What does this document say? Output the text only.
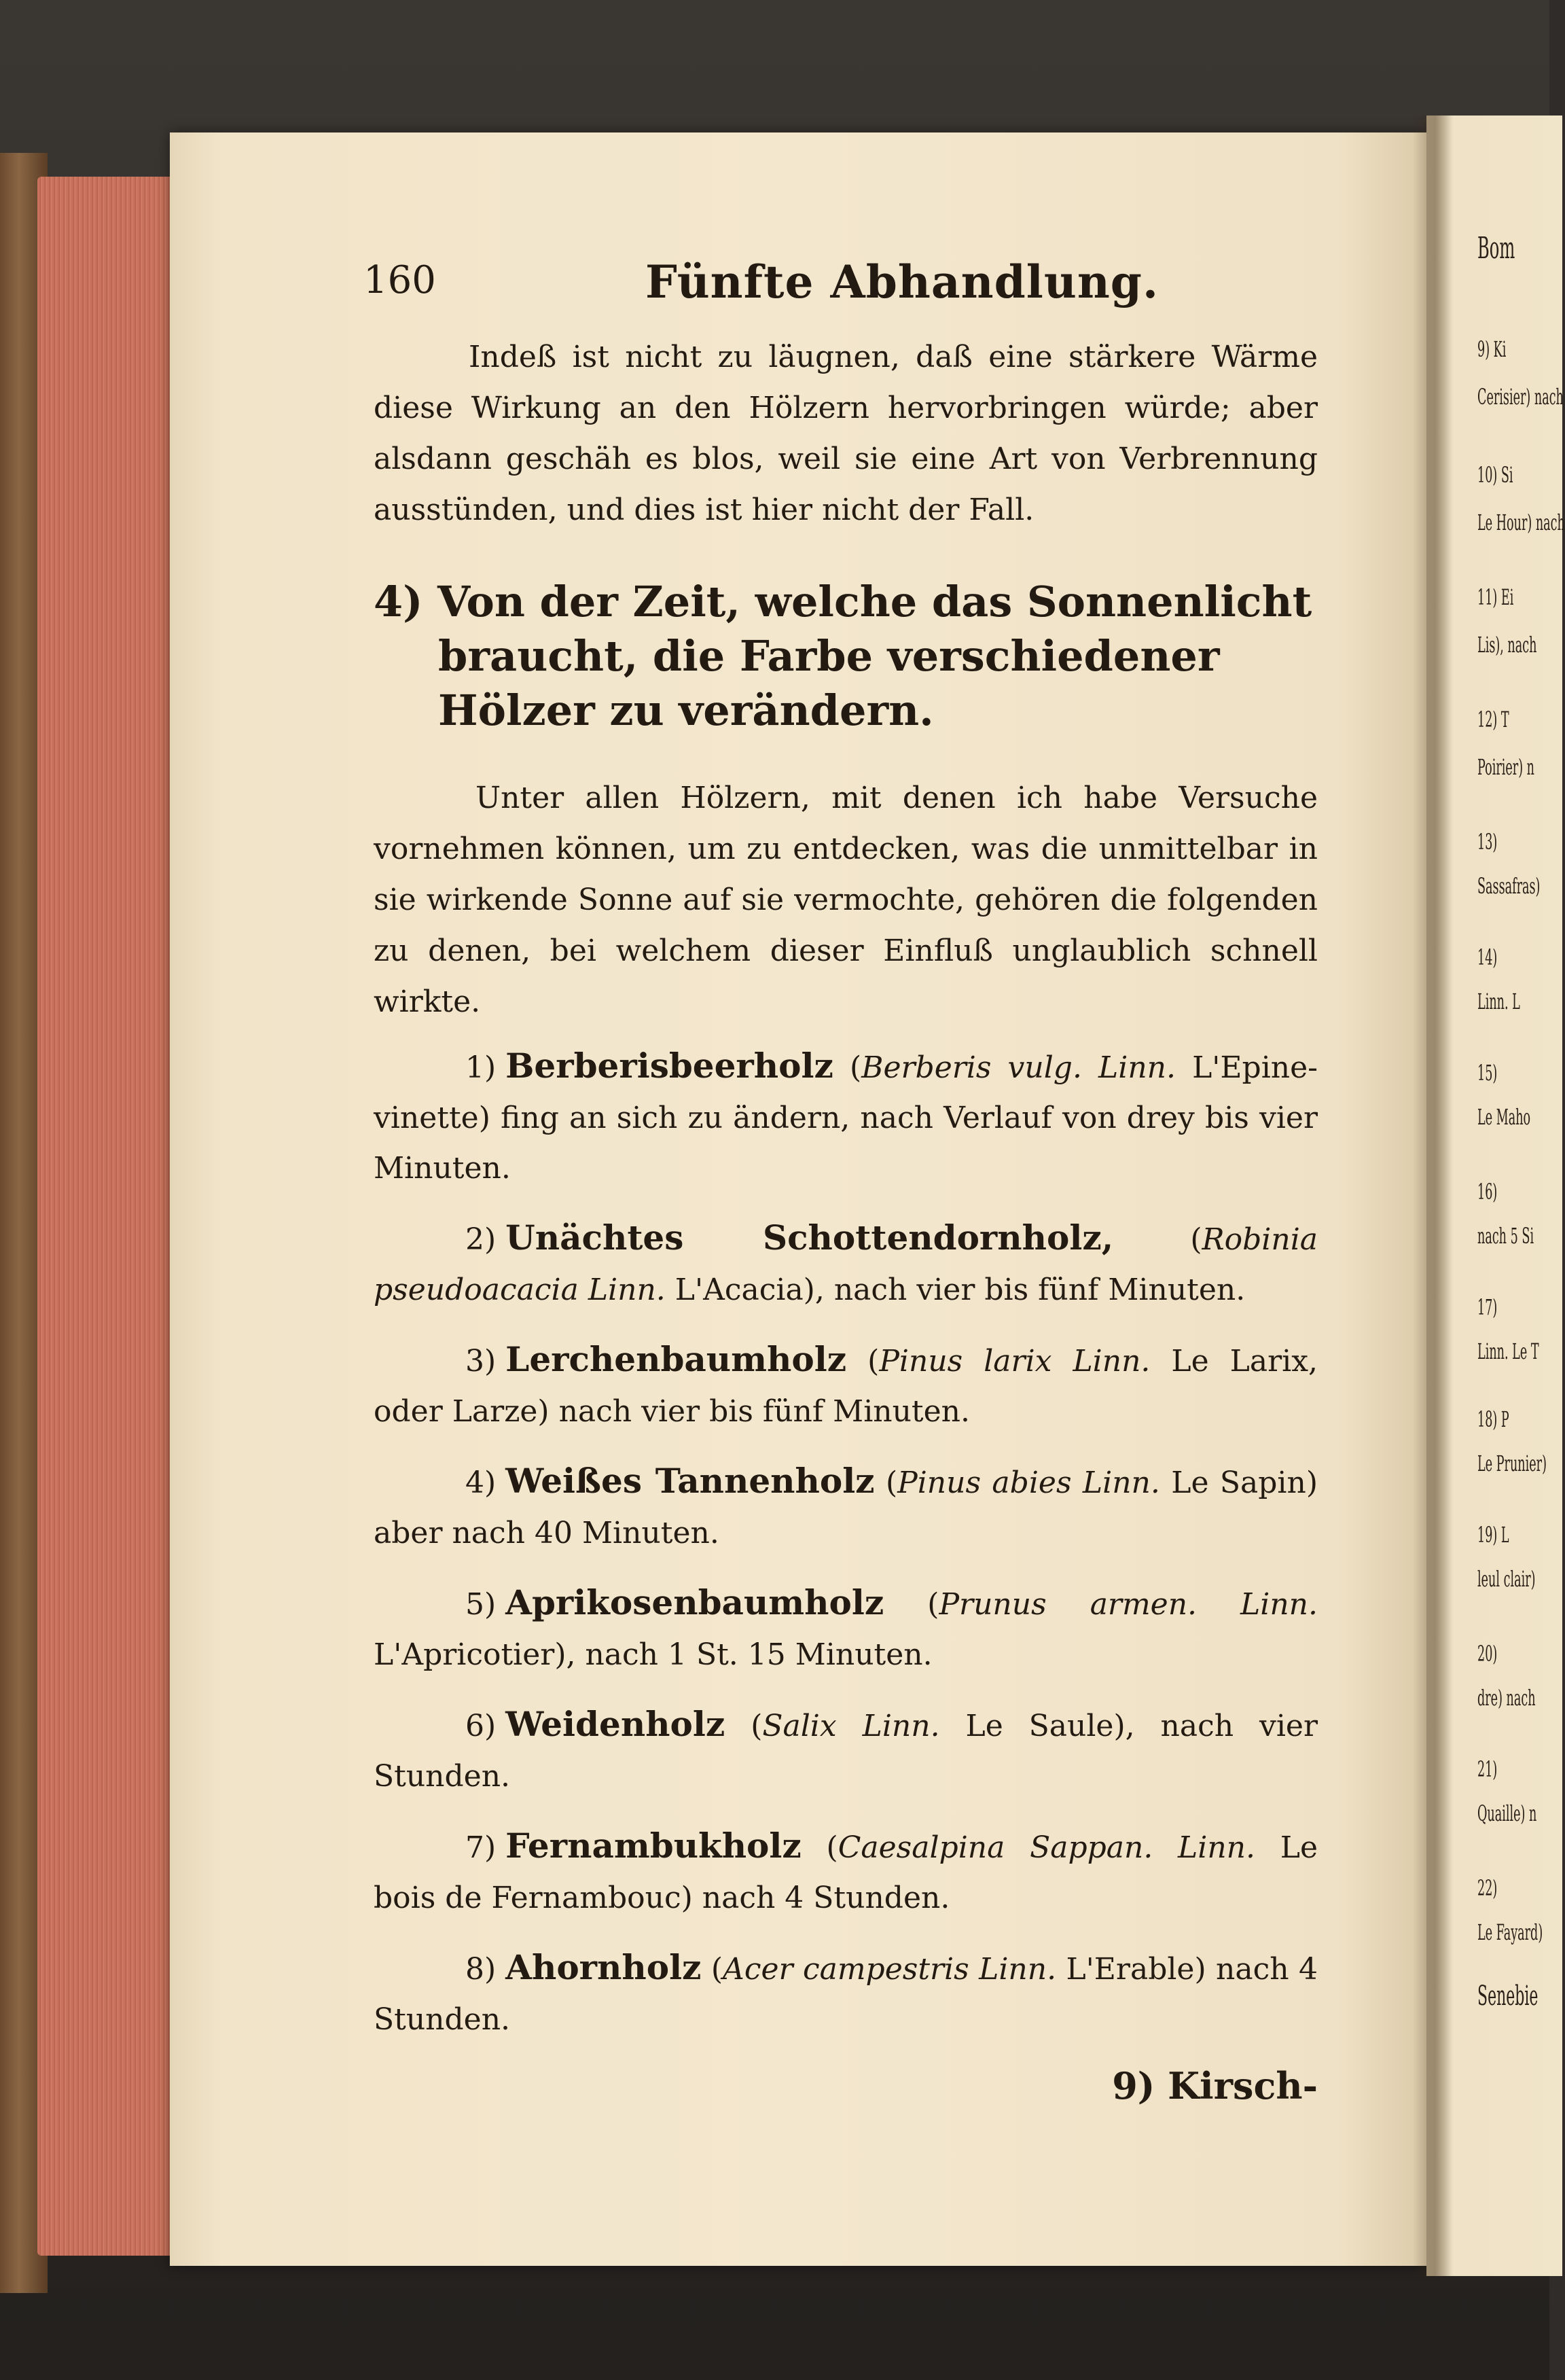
160	Fünfte Abhandlung.

Indeß ist nicht zu läugnen, daß eine stärkere Wärme diese Wirkung an den Hölzern hervorbringen würde; aber alsdann geschäh es blos, weil sie eine Art von Verbrennung ausstünden, und dies ist hier nicht der Fall.

4) Von der Zeit, welche das Sonnenlicht braucht, die Farbe verschiedener Hölzer zu verändern.

Unter allen Hölzern, mit denen ich habe Versuche vornehmen können, um zu entdecken, was die unmittelbar in sie wirkende Sonne auf sie vermochte, gehören die folgenden zu denen, bei welchem dieser Einfluß unglaublich schnell wirkte.

1) Berberisbeerholz (Berberis vulg. Linn. L'Epine-vinette) fing an sich zu ändern, nach Verlauf von drey bis vier Minuten.

2) Unächtes Schottendornholz, (Robinia pseudoacacia Linn. L'Acacia), nach vier bis fünf Minuten.

3) Lerchenbaumholz (Pinus larix Linn. Le Larix, oder Larze) nach vier bis fünf Minuten.

4) Weißes Tannenholz (Pinus abies Linn. Le Sapin) aber nach 40 Minuten.

5) Aprikosenbaumholz (Prunus armen. Linn. L'Apricotier), nach 1 St. 15 Minuten.

6) Weidenholz (Salix Linn. Le Saule), nach vier Stunden.

7) Fernambukholz (Caesalpina Sappan. Linn. Le bois de Fernambouc) nach 4 Stunden.

8) Ahornholz (Acer campestris Linn. L'Erable) nach 4 Stunden.

9) Kirsch-
Bom
9) Ki
Cerisier) nach
10) Si
Le Hour) nach
11) Ei
Lis), nach
12) T
Poirier) n
13)
Sassafras)
14)
Linn. L
15)
Le Maho
16)
nach 5 Si
17)
Linn. Le T
18) P
Le Prunier)
19) L
leul clair)
20)
dre) nach
21)
Quaille) n
22)
Le Fayard)
Senebie
